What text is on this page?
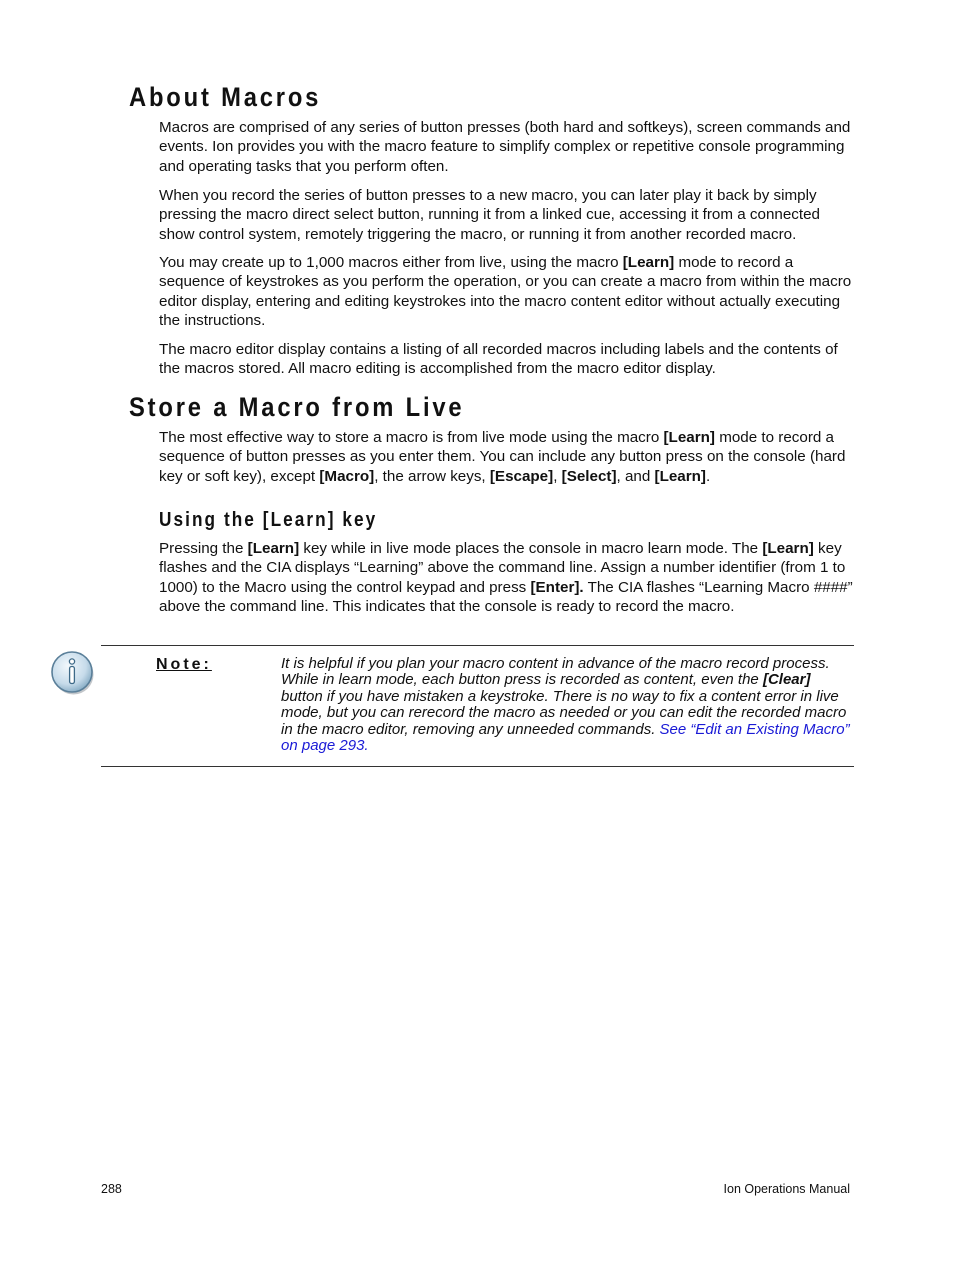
About Macros

Macros are comprised of any series of button presses (both hard and softkeys), screen commands and events. Ion provides you with the macro feature to simplify complex or repetitive console programming and operating tasks that you perform often.

When you record the series of button presses to a new macro, you can later play it back by simply pressing the macro direct select button, running it from a linked cue, accessing it from a connected show control system, remotely triggering the macro, or running it from another recorded macro.

You may create up to 1,000 macros either from live, using the macro [Learn] mode to record a sequence of keystrokes as you perform the operation, or you can create a macro from within the macro editor display, entering and editing keystrokes into the macro content editor without actually executing the instructions.

The macro editor display contains a listing of all recorded macros including labels and the contents of the macros stored. All macro editing is accomplished from the macro editor display.

Store a Macro from Live

The most effective way to store a macro is from live mode using the macro [Learn] mode to record a sequence of button presses as you enter them. You can include any button press on the console (hard key or soft key), except [Macro], the arrow keys, [Escape], [Select], and [Learn].

Using the [Learn] key

Pressing the [Learn] key while in live mode places the console in macro learn mode. The [Learn] key flashes and the CIA displays “Learning” above the command line. Assign a number identifier (from 1 to 1000) to the Macro using the control keypad and press [Enter]. The CIA flashes “Learning Macro ####” above the command line. This indicates that the console is ready to record the macro.

Note:	It is helpful if you plan your macro content in advance of the macro record process. While in learn mode, each button press is recorded as content, even the [Clear] button if you have mistaken a keystroke. There is no way to fix a content error in live mode, but you can rerecord the macro as needed or you can edit the recorded macro in the macro editor, removing any unneeded commands. See “Edit an Existing Macro” on page 293.

288	Ion Operations Manual
